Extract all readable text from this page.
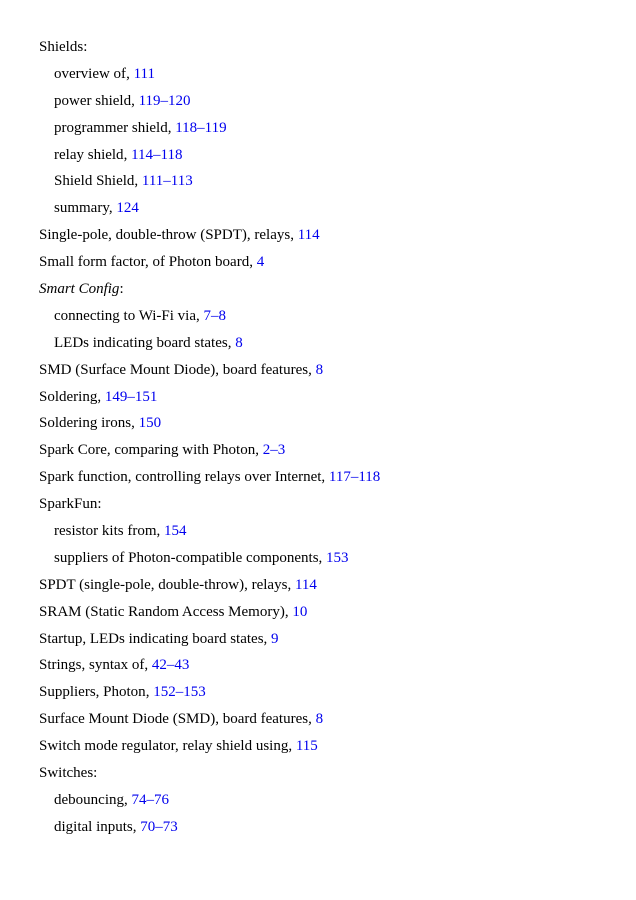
Shields:
overview of, 111
power shield, 119–120
programmer shield, 118–119
relay shield, 114–118
Shield Shield, 111–113
summary, 124
Single-pole, double-throw (SPDT), relays, 114
Small form factor, of Photon board, 4
Smart Config:
connecting to Wi-Fi via, 7–8
LEDs indicating board states, 8
SMD (Surface Mount Diode), board features, 8
Soldering, 149–151
Soldering irons, 150
Spark Core, comparing with Photon, 2–3
Spark function, controlling relays over Internet, 117–118
SparkFun:
resistor kits from, 154
suppliers of Photon-compatible components, 153
SPDT (single-pole, double-throw), relays, 114
SRAM (Static Random Access Memory), 10
Startup, LEDs indicating board states, 9
Strings, syntax of, 42–43
Suppliers, Photon, 152–153
Surface Mount Diode (SMD), board features, 8
Switch mode regulator, relay shield using, 115
Switches:
debouncing, 74–76
digital inputs, 70–73
